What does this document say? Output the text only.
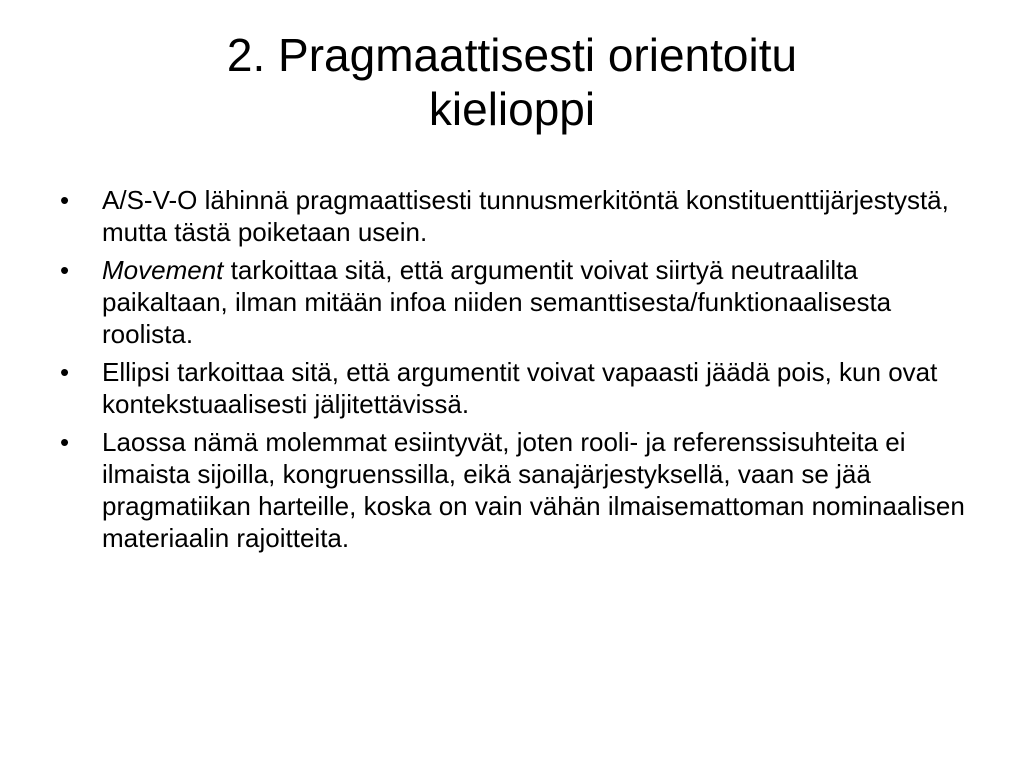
2. Pragmaattisesti orientoitu
kielioppi
• A/S-V-O lähinnä pragmaattisesti tunnusmerkitöntä konstituenttijärjestystä, mutta tästä poiketaan usein.
• Movement tarkoittaa sitä, että argumentit voivat siirtyä neutraalilta paikaltaan, ilman mitään infoa niiden semanttisesta/funktionaalisesta roolista.
• Ellipsi tarkoittaa sitä, että argumentit voivat vapaasti jäädä pois, kun ovat kontekstuaalisesti jäljitettävissä.
• Laossa nämä molemmat esiintyvät, joten rooli- ja referenssisuhteita ei ilmaista sijoilla, kongruenssilla, eikä sanajärjestyksellä, vaan se jää pragmatiikan harteille, koska on vain vähän ilmaisemattoman nominaalisen materiaalin rajoitteita.
